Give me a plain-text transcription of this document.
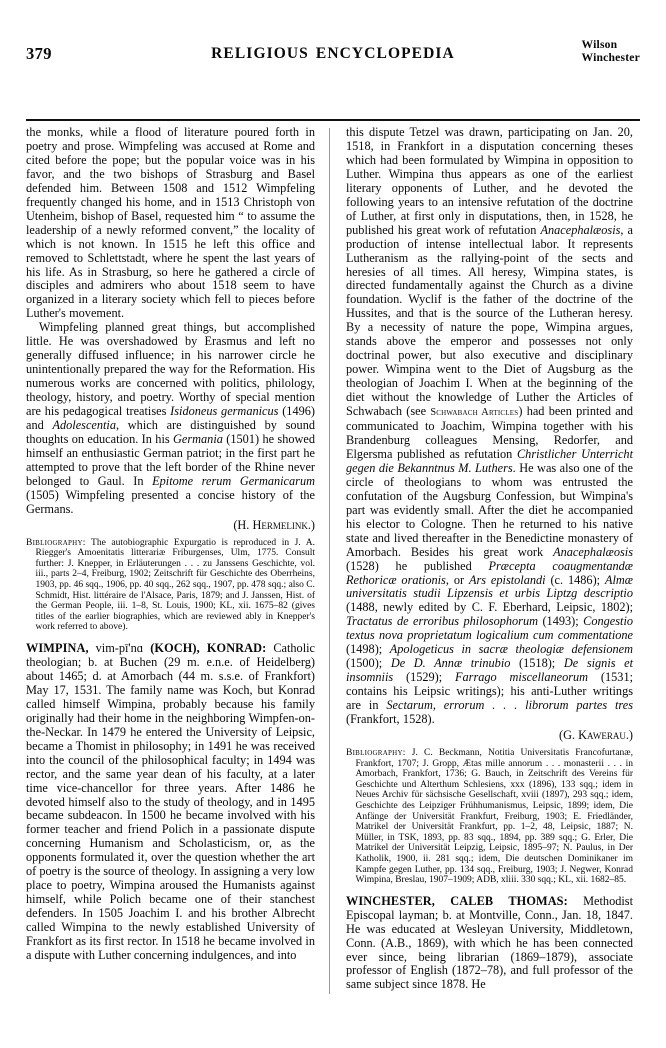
379	RELIGIOUS ENCYCLOPEDIA
Wilson
Winchester

the monks, while a flood of literature poured forth in poetry and prose. Wimpfeling was accused at Rome and cited before the pope; but the popular voice was in his favor, and the two bishops of Strasburg and Basel defended him. Between 1508 and 1512 Wimpfeling frequently changed his home, and in 1513 Christoph von Utenheim, bishop of Basel, requested him “ to assume the leadership of a newly reformed convent,” the locality of which is not known. In 1515 he left this office and removed to Schlettstadt, where he spent the last years of his life. As in Strasburg, so here he gathered a circle of disciples and admirers who about 1518 seem to have organized in a literary society which fell to pieces before Luther's movement.

Wimpfeling planned great things, but accomplished little. He was overshadowed by Erasmus and left no generally diffused influence; in his narrower circle he unintentionally prepared the way for the Reformation. His numerous works are concerned with politics, philology, theology, history, and poetry. Worthy of special mention are his pedagogical treatises Isidoneus germanicus (1496) and Adolescentia, which are distinguished by sound thoughts on education. In his Germania (1501) he showed himself an enthusiastic German patriot; in the first part he attempted to prove that the left border of the Rhine never belonged to Gaul. In Epitome rerum Germanicarum (1505) Wimpfeling presented a concise history of the Germans.

(H. Hermelink.)

Bibliography: The autobiographic Expurgatio is reproduced in J. A. Riegger's Amoenitatis litterariæ Friburgenses, Ulm, 1775. Consult further: J. Knepper, in Erläuterungen . . . zu Janssens Geschichte, vol. iii., parts 2–4, Freiburg, 1902; Zeitschrift für Geschichte des Oberrheins, 1903, pp. 46 sqq., 1906, pp. 40 sqq., 262 sqq., 1907, pp. 478 sqq.; also C. Schmidt, Hist. littéraire de l'Alsace, Paris, 1879; and J. Janssen, Hist. of the German People, iii. 1–8, St. Louis, 1900; KL, xii. 1675–82 (gives titles of the earlier biographies, which are reviewed ably in Knepper's work referred to above).

WIMPINA, vim-pī'nɑ (KOCH), KONRAD: Catholic theologian; b. at Buchen (29 m. e.n.e. of Heidelberg) about 1465; d. at Amorbach (44 m. s.s.e. of Frankfort) May 17, 1531. The family name was Koch, but Konrad called himself Wimpina, probably because his family originally had their home in the neighboring Wimpfen-on-the-Neckar. In 1479 he entered the University of Leipsic, became a Thomist in philosophy; in 1491 he was received into the council of the philosophical faculty; in 1494 was rector, and the same year dean of his faculty, at a later time vice-chancellor for three years. After 1486 he devoted himself also to the study of theology, and in 1495 became subdeacon. In 1500 he became involved with his former teacher and friend Polich in a passionate dispute concerning Humanism and Scholasticism, or, as the opponents formulated it, over the question whether the art of poetry is the source of theology. In assigning a very low place to poetry, Wimpina aroused the Humanists against himself, while Polich became one of their stanchest defenders. In 1505 Joachim I. and his brother Albrecht called Wimpina to the newly established University of Frankfort as its first rector. In 1518 he became involved in a dispute with Luther concerning indulgences, and into

this dispute Tetzel was drawn, participating on Jan. 20, 1518, in Frankfort in a disputation concerning theses which had been formulated by Wimpina in opposition to Luther. Wimpina thus appears as one of the earliest literary opponents of Luther, and he devoted the following years to an intensive refutation of the doctrine of Luther, at first only in disputations, then, in 1528, he published his great work of refutation Anacephalæosis, a production of intense intellectual labor. It represents Lutheranism as the rallying-point of the sects and heresies of all times. All heresy, Wimpina states, is directed fundamentally against the Church as a divine foundation. Wyclif is the father of the doctrine of the Hussites, and that is the source of the Lutheran heresy. By a necessity of nature the pope, Wimpina argues, stands above the emperor and possesses not only doctrinal power, but also executive and disciplinary power. Wimpina went to the Diet of Augsburg as the theologian of Joachim I. When at the beginning of the diet without the knowledge of Luther the Articles of Schwabach (see Schwabach Articles) had been printed and communicated to Joachim, Wimpina together with his Brandenburg colleagues Mensing, Redorfer, and Elgersma published as refutation Christlicher Unterricht gegen die Bekanntnus M. Luthers. He was also one of the circle of theologians to whom was entrusted the confutation of the Augsburg Confession, but Wimpina's part was evidently small. After the diet he accompanied his elector to Cologne. Then he returned to his native state and lived thereafter in the Benedictine monastery of Amorbach. Besides his great work Anacephalæosis (1528) he published Præcepta coaugmentandæ Rethoricæ orationis, or Ars epistolandi (c. 1486); Almæ universitatis studii Lipzensis et urbis Liptzg descriptio (1488, newly edited by C. F. Eberhard, Leipsic, 1802); Tractatus de erroribus philosophorum (1493); Congestio textus nova proprietatum logicalium cum commentatione (1498); Apologeticus in sacræ theologiæ defensionem (1500); De D. Annæ trinubio (1518); De signis et insomniis (1529); Farrago miscellaneorum (1531; contains his Leipsic writings); his anti-Luther writings are in Sectarum, errorum . . . librorum partes tres (Frankfort, 1528).

(G. Kawerau.)

Bibliography: J. C. Beckmann, Notitia Universitatis Francofurtanæ, Frankfort, 1707; J. Gropp, Ætas mille annorum . . . monasterii . . . in Amorbach, Frankfort, 1736; G. Bauch, in Zeitschrift des Vereins für Geschichte und Alterthum Schlesiens, xxx (1896), 133 sqq.; idem in Neues Archiv für sächsische Gesellschaft, xviii (1897), 293 sqq.; idem, Geschichte des Leipziger Frühhumanismus, Leipsic, 1899; idem, Die Anfänge der Universität Frankfurt, Freiburg, 1903; E. Friedländer, Matrikel der Universität Frankfurt, pp. 1–2, 48, Leipsic, 1887; N. Müller, in TSK, 1893, pp. 83 sqq., 1894, pp. 389 sqq.; G. Erler, Die Matrikel der Universität Leipzig, Leipsic, 1895–97; N. Paulus, in Der Katholik, 1900, ii. 281 sqq.; idem, Die deutschen Dominikaner im Kampfe gegen Luther, pp. 134 sqq., Freiburg, 1903; J. Negwer, Konrad Wimpina, Breslau, 1907–1909; ADB, xliii. 330 sqq.; KL, xii. 1682–85.

WINCHESTER, CALEB THOMAS: Methodist Episcopal layman; b. at Montville, Conn., Jan. 18, 1847. He was educated at Wesleyan University, Middletown, Conn. (A.B., 1869), with which he has been connected ever since, being librarian (1869–1879), associate professor of English (1872–78), and full professor of the same subject since 1878. He
